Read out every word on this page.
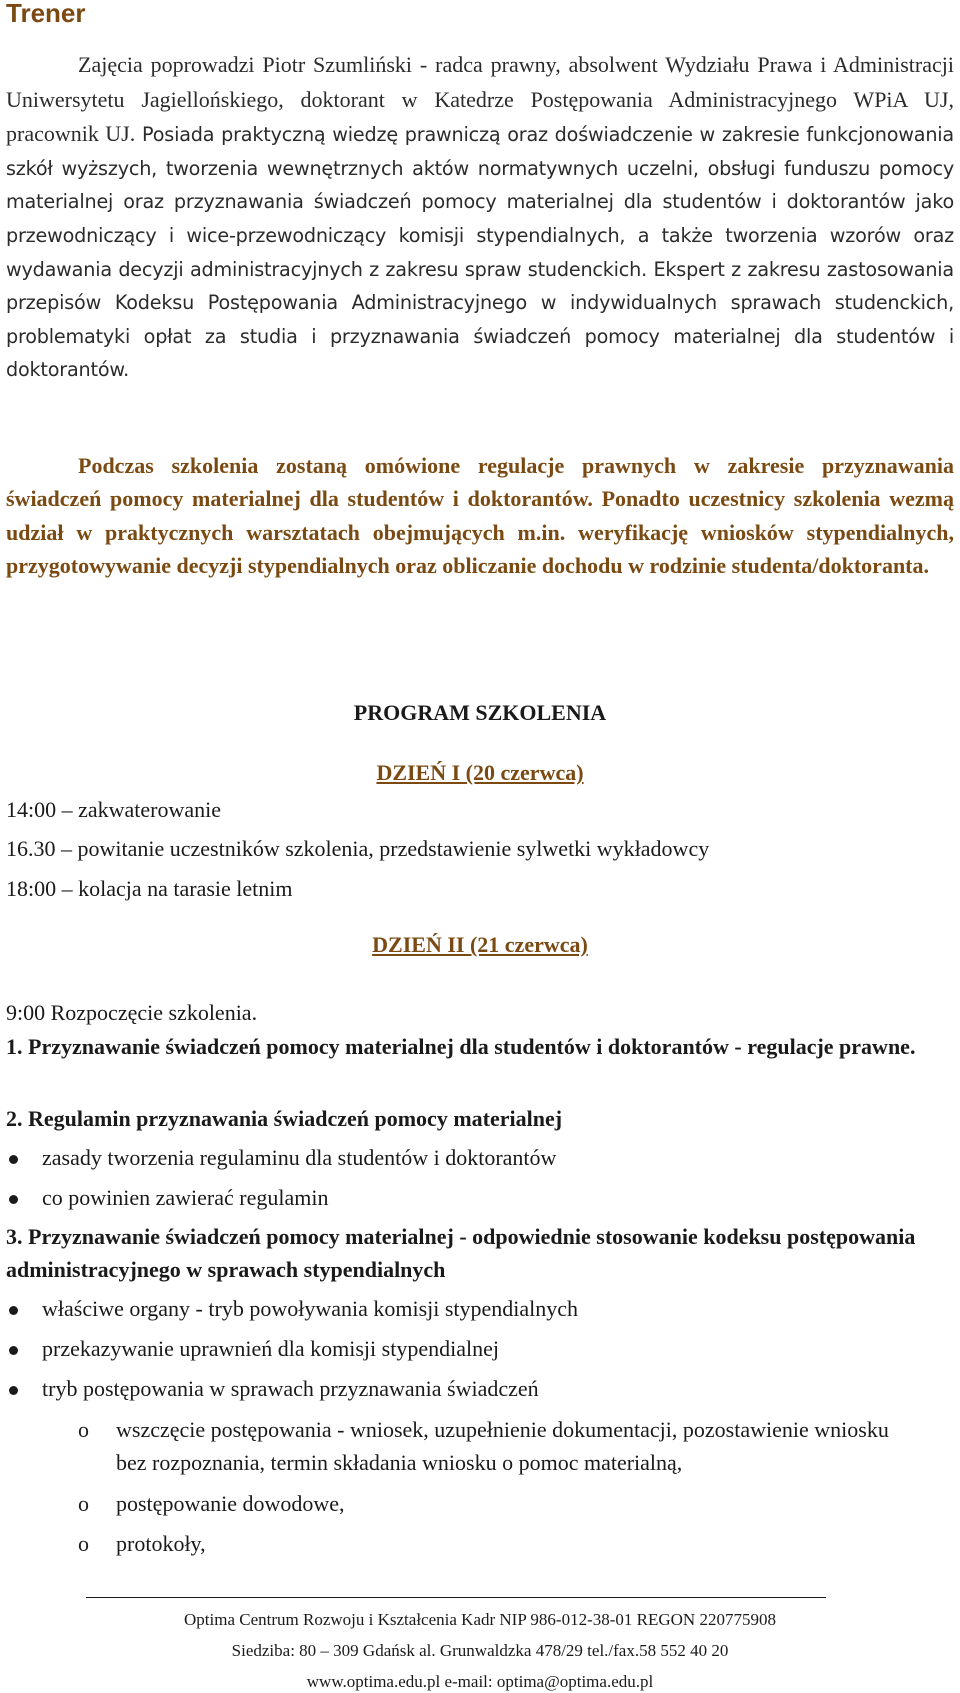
Trener

Zajęcia poprowadzi Piotr Szumliński - radca prawny, absolwent Wydziału Prawa i Administracji Uniwersytetu Jagiellońskiego, doktorant w Katedrze Postępowania Administracyjnego WPiA UJ, pracownik UJ. Posiada praktyczną wiedzę prawniczą oraz doświadczenie w zakresie funkcjonowania szkół wyższych, tworzenia wewnętrznych aktów normatywnych uczelni, obsługi funduszu pomocy materialnej oraz przyznawania świadczeń pomocy materialnej dla studentów i doktorantów jako przewodniczący i wice-przewodniczący komisji stypendialnych, a także tworzenia wzorów oraz wydawania decyzji administracyjnych z zakresu spraw studenckich. Ekspert z zakresu zastosowania przepisów Kodeksu Postępowania Administracyjnego w indywidualnych sprawach studenckich, problematyki opłat za studia i przyznawania świadczeń pomocy materialnej dla studentów i doktorantów.

Podczas szkolenia zostaną omówione regulacje prawnych w zakresie przyznawania świadczeń pomocy materialnej dla studentów i doktorantów. Ponadto uczestnicy szkolenia wezmą udział w praktycznych warsztatach obejmujących m.in. weryfikację wniosków stypendialnych, przygotowywanie decyzji stypendialnych oraz obliczanie dochodu w rodzinie studenta/doktoranta.

PROGRAM SZKOLENIA
DZIEŃ I (20 czerwca)
14:00 – zakwaterowanie
16.30 – powitanie uczestników szkolenia, przedstawienie sylwetki wykładowcy
18:00 – kolacja na tarasie letnim
DZIEŃ II (21 czerwca)
9:00 Rozpoczęcie szkolenia.

1. Przyznawanie świadczeń pomocy materialnej dla studentów i doktorantów - regulacje prawne.

2. Regulamin przyznawania świadczeń pomocy materialnej
zasady tworzenia regulaminu dla studentów i doktorantów
co powinien zawierać regulamin

3. Przyznawanie świadczeń pomocy materialnej - odpowiednie stosowanie kodeksu postępowania administracyjnego w sprawach stypendialnych

właściwe organy - tryb powoływania komisji stypendialnych
przekazywanie uprawnień dla komisji stypendialnej
tryb postępowania w sprawach przyznawania świadczeń
o wszczęcie postępowania - wniosek, uzupełnienie dokumentacji, pozostawienie wniosku bez rozpoznania, termin składania wniosku o pomoc materialną,
o postępowanie dowodowe,
o protokoły,

Optima Centrum Rozwoju i Kształcenia Kadr NIP 986-012-38-01 REGON 220775908

Siedziba: 80 – 309 Gdańsk al. Grunwaldzka 478/29 tel./fax.58 552 40 20

www.optima.edu.pl e-mail: optima@optima.edu.pl
